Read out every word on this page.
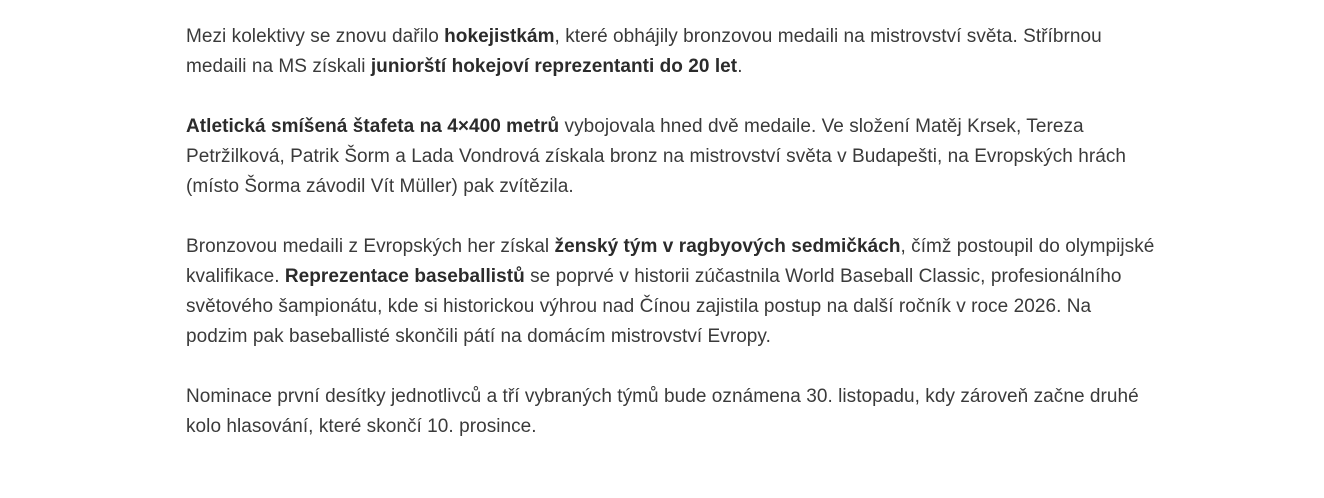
Mezi kolektivy se znovu dařilo hokejistkám, které obhájily bronzovou medaili na mistrovství světa. Stříbrnou medaili na MS získali juniorští hokejoví reprezentanti do 20 let.

Atletická smíšená štafeta na 4×400 metrů vybojovala hned dvě medaile. Ve složení Matěj Krsek, Tereza Petržilková, Patrik Šorm a Lada Vondrová získala bronz na mistrovství světa v Budapešti, na Evropských hrách (místo Šorma závodil Vít Müller) pak zvítězila.

Bronzovou medaili z Evropských her získal ženský tým v ragbyových sedmičkách, čímž postoupil do olympijské kvalifikace. Reprezentace baseballistů se poprvé v historii zúčastnila World Baseball Classic, profesionálního světového šampionátu, kde si historickou výhrou nad Čínou zajistila postup na další ročník v roce 2026. Na podzim pak baseballisté skončili pátí na domácím mistrovství Evropy.

Nominace první desítky jednotlivců a tří vybraných týmů bude oznámena 30. listopadu, kdy zároveň začne druhé kolo hlasování, které skončí 10. prosince.
